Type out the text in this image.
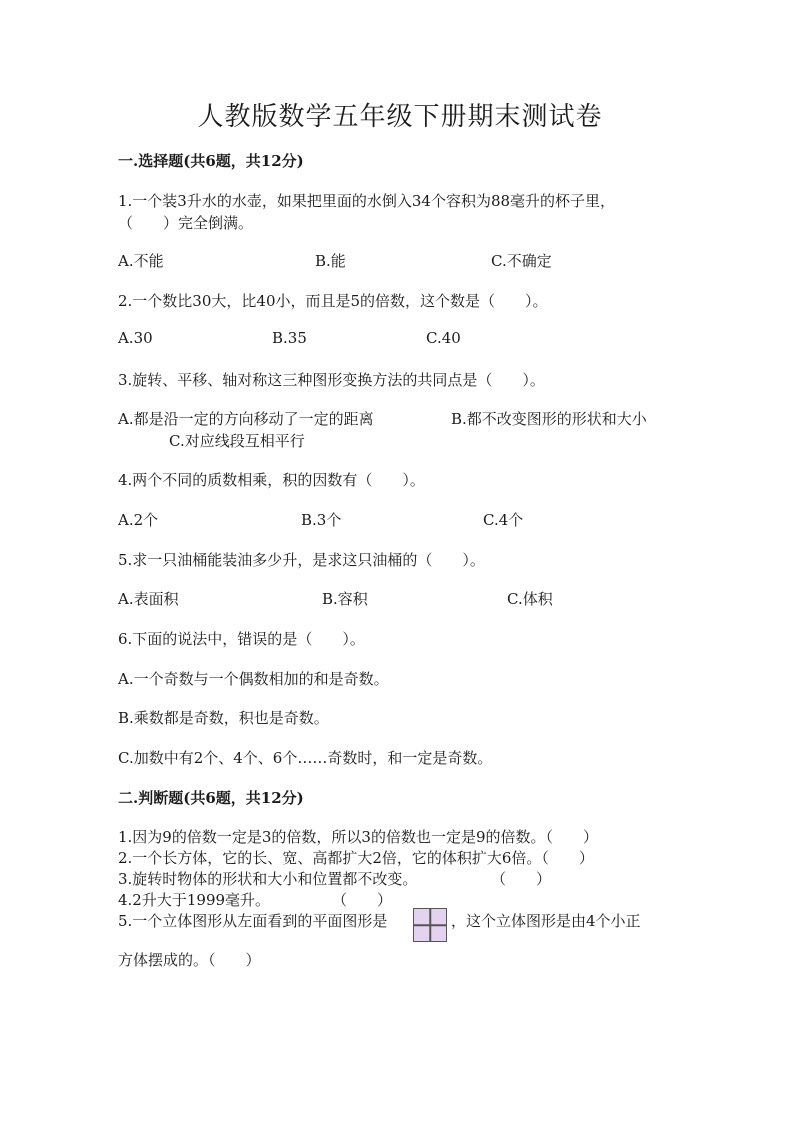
人教版数学五年级下册期末测试卷
一.选择题(共6题，共12分)
1.一个装3升水的水壶，如果把里面的水倒入34个容积为88毫升的杯子里，
（　　）完全倒满。
A.不能	B.能	C.不确定
2.一个数比30大，比40小，而且是5的倍数，这个数是（　　）。
A.30	B.35	C.40
3.旋转、平移、轴对称这三种图形变换方法的共同点是（　　）。
A.都是沿一定的方向移动了一定的距离	B.都不改变图形的形状和大小
C.对应线段互相平行
4.两个不同的质数相乘，积的因数有（　　）。
A.2个	B.3个	C.4个
5.求一只油桶能装油多少升，是求这只油桶的（　　）。
A.表面积	B.容积	C.体积
6.下面的说法中，错误的是（　　）。
A.一个奇数与一个偶数相加的和是奇数。
B.乘数都是奇数，积也是奇数。
C.加数中有2个、4个、6个……奇数时，和一定是奇数。
二.判断题(共6题，共12分)
1.因为9的倍数一定是3的倍数，所以3的倍数也一定是9的倍数。（　　）
2.一个长方体，它的长、宽、高都扩大2倍，它的体积扩大6倍。（　　）
3.旋转时物体的形状和大小和位置都不改变。	（　　）
4.2升大于1999毫升。	（　　）
5.一个立体图形从左面看到的平面图形是	，这个立体图形是由4个小正
方体摆成的。（　　）
